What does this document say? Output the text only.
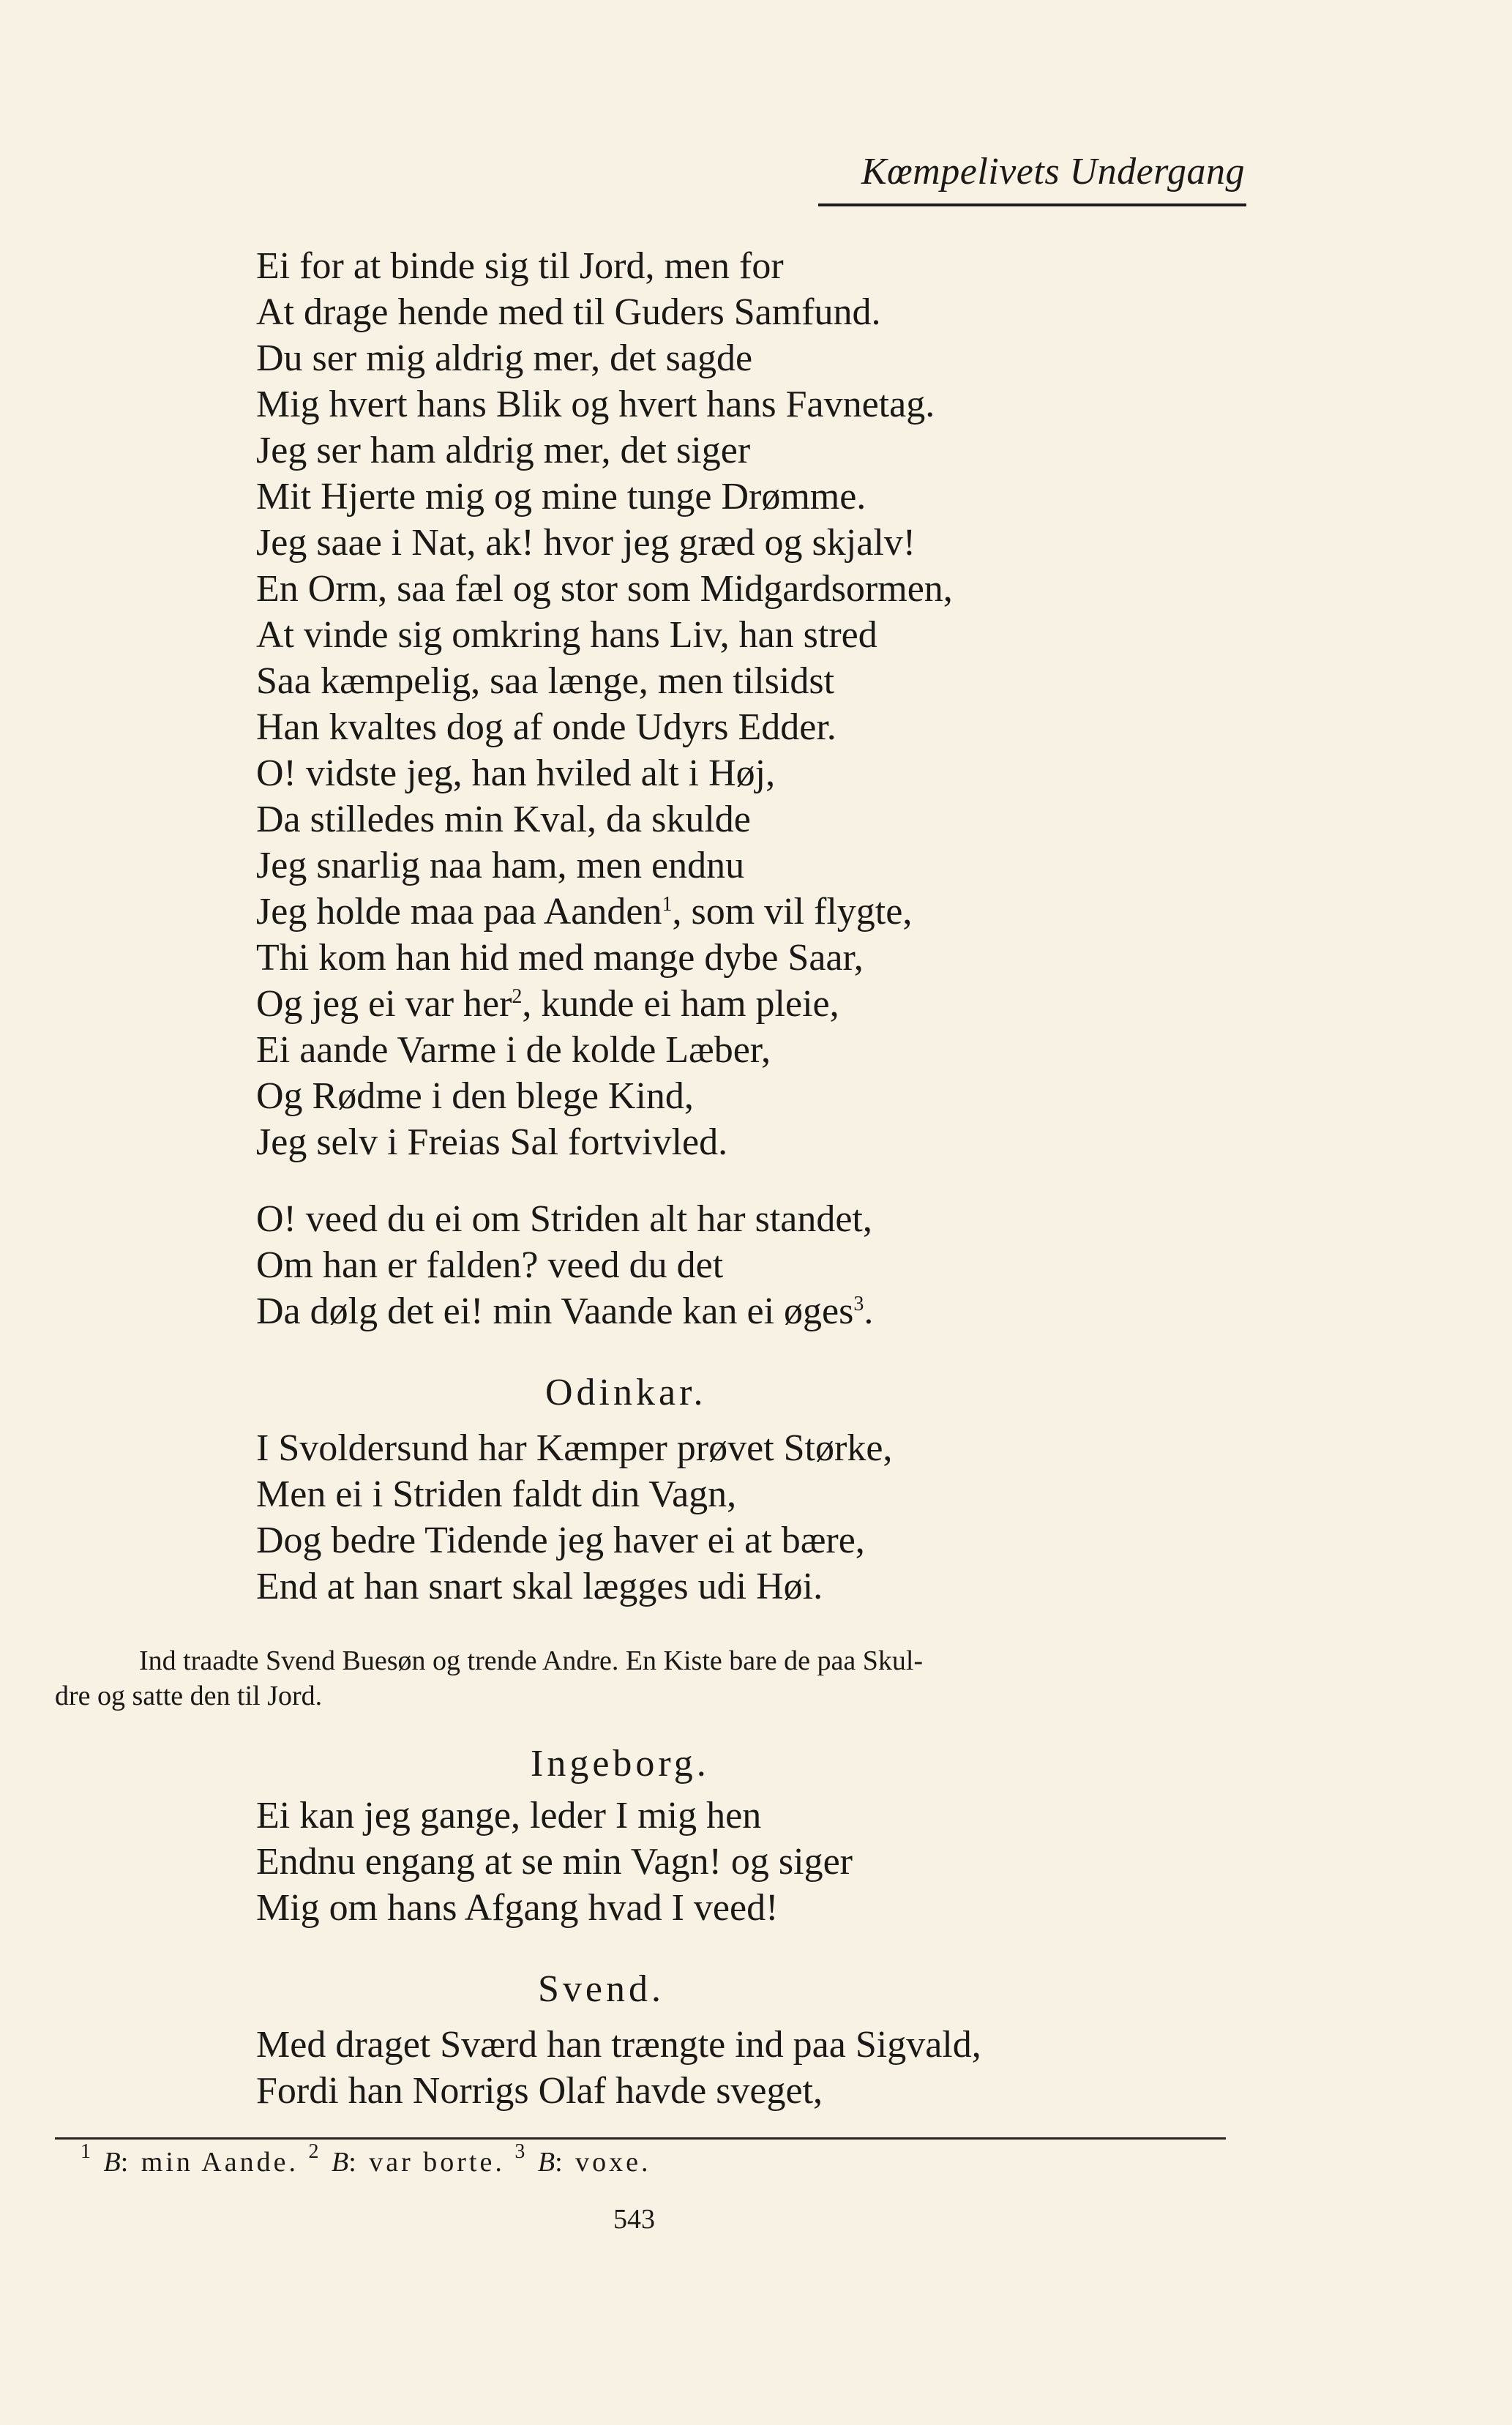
Kœmpelivets Undergang
Ei for at binde sig til Jord, men for
At drage hende med til Guders Samfund.
Du ser mig aldrig mer, det sagde
Mig hvert hans Blik og hvert hans Favnetag.
Jeg ser ham aldrig mer, det siger
Mit Hjerte mig og mine tunge Drømme.
Jeg saae i Nat, ak! hvor jeg græd og skjalv!
En Orm, saa fæl og stor som Midgardsormen,
At vinde sig omkring hans Liv, han stred
Saa kæmpelig, saa længe, men tilsidst
Han kvaltes dog af onde Udyrs Edder.
O! vidste jeg, han hviled alt i Høj,
Da stilledes min Kval, da skulde
Jeg snarlig naa ham, men endnu
Jeg holde maa paa Aanden$^1$, som vil flygte,
Thi kom han hid med mange dybe Saar,
Og jeg ei var her$^2$, kunde ei ham pleie,
Ei aande Varme i de kolde Læber,
Og Rødme i den blege Kind,
Jeg selv i Freias Sal fortvivled.
O! veed du ei om Striden alt har standet,
Om han er falden? veed du det
Da dølg det ei! min Vaande kan ei øges$^3$.
Odinkar.
I Svoldersund har Kæmper prøvet Størke,
Men ei i Striden faldt din Vagn,
Dog bedre Tidende jeg haver ei at bære,
End at han snart skal lægges udi Høi.
Ind traadte Svend Buesøn og trende Andre. En Kiste bare de paa Skul-
dre og satte den til Jord.
Ingeborg.
Ei kan jeg gange, leder I mig hen
Endnu engang at se min Vagn! og siger
Mig om hans Afgang hvad I veed!
Svend.
Med draget Sværd han trængte ind paa Sigvald,
Fordi han Norrigs Olaf havde sveget,
$^1$ B: min Aande. $^2$ B: var borte. $^3$ B: voxe.
543
